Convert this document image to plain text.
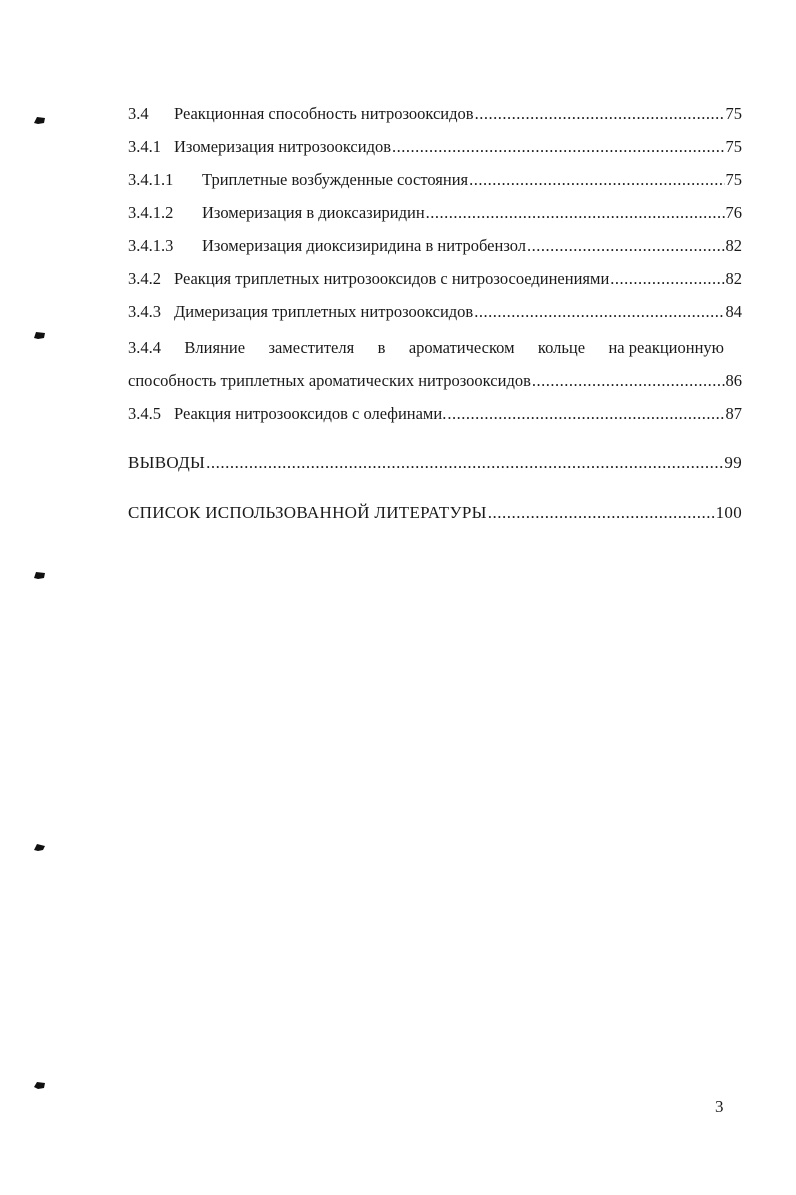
3.4	Реакционная способность нитрозооксидов .....	75
3.4.1 Изомеризация нитрозооксидов .....	75
3.4.1.1	Триплетные возбужденные состояния .....	75
3.4.1.2	Изомеризация в диоксазиридин .....	76
3.4.1.3	Изомеризация диоксизиридина в нитробензол .....	82
3.4.2 Реакция триплетных нитрозооксидов с нитрозосоединениями .....	82
3.4.3 Димеризация триплетных нитрозооксидов .....	84
3.4.4 Влияние заместителя в ароматическом кольце на реакционную
способность триплетных ароматических нитрозооксидов .....	86
3.4.5 Реакция нитрозооксидов с олефинами. .....	87
ВЫВОДЫ .....	99
СПИСОК ИСПОЛЬЗОВАННОЙ ЛИТЕРАТУРЫ .....	100
3
